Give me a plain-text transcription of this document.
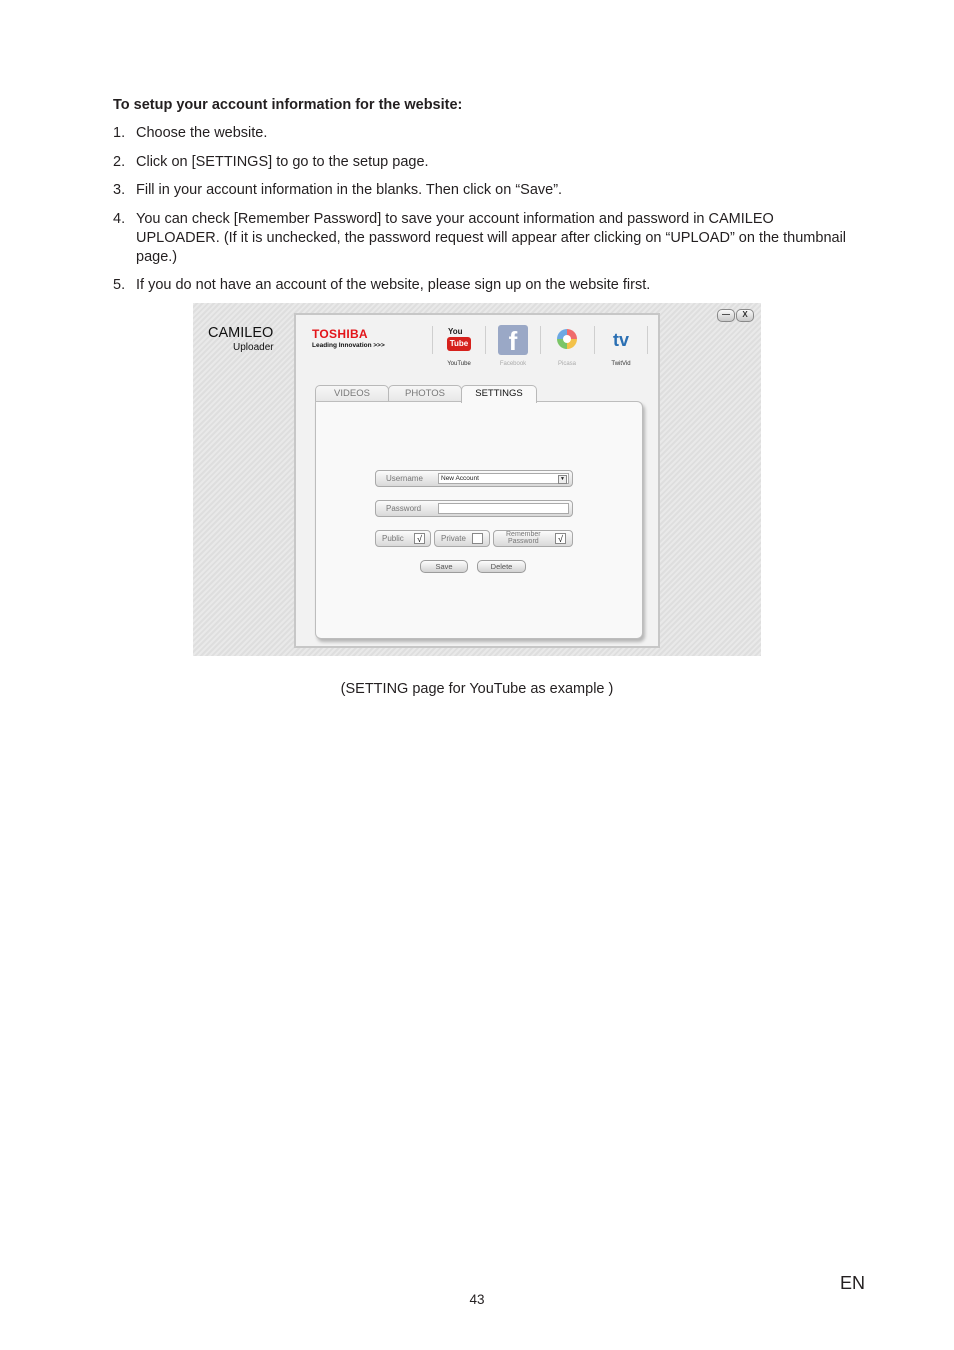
To setup your account information for the website:
1. Choose the website.
2. Click on [SETTINGS] to go to the setup page.
3. Fill in your account information in the blanks. Then click on “Save”.
4. You can check [Remember Password] to save your account information and password in CAMILEO UPLOADER. (If it is unchecked, the password request will appear after clicking on “UPLOAD” on the thumbnail page.)
5. If you do not have an account of the website, please sign up on the website first.
CAMILEO
Uploader
—	X
TOSHIBA
Leading Innovation >>>
You
Tube
YouTube
f
Facebook	Picasa
tv
TwitVid
VIDEOS	PHOTOS	SETTINGS
Username	New Account	▼
Password
Public	√	Private	Remember
Password	√
Save	Delete

(SETTING page for YouTube as example )

EN
43
